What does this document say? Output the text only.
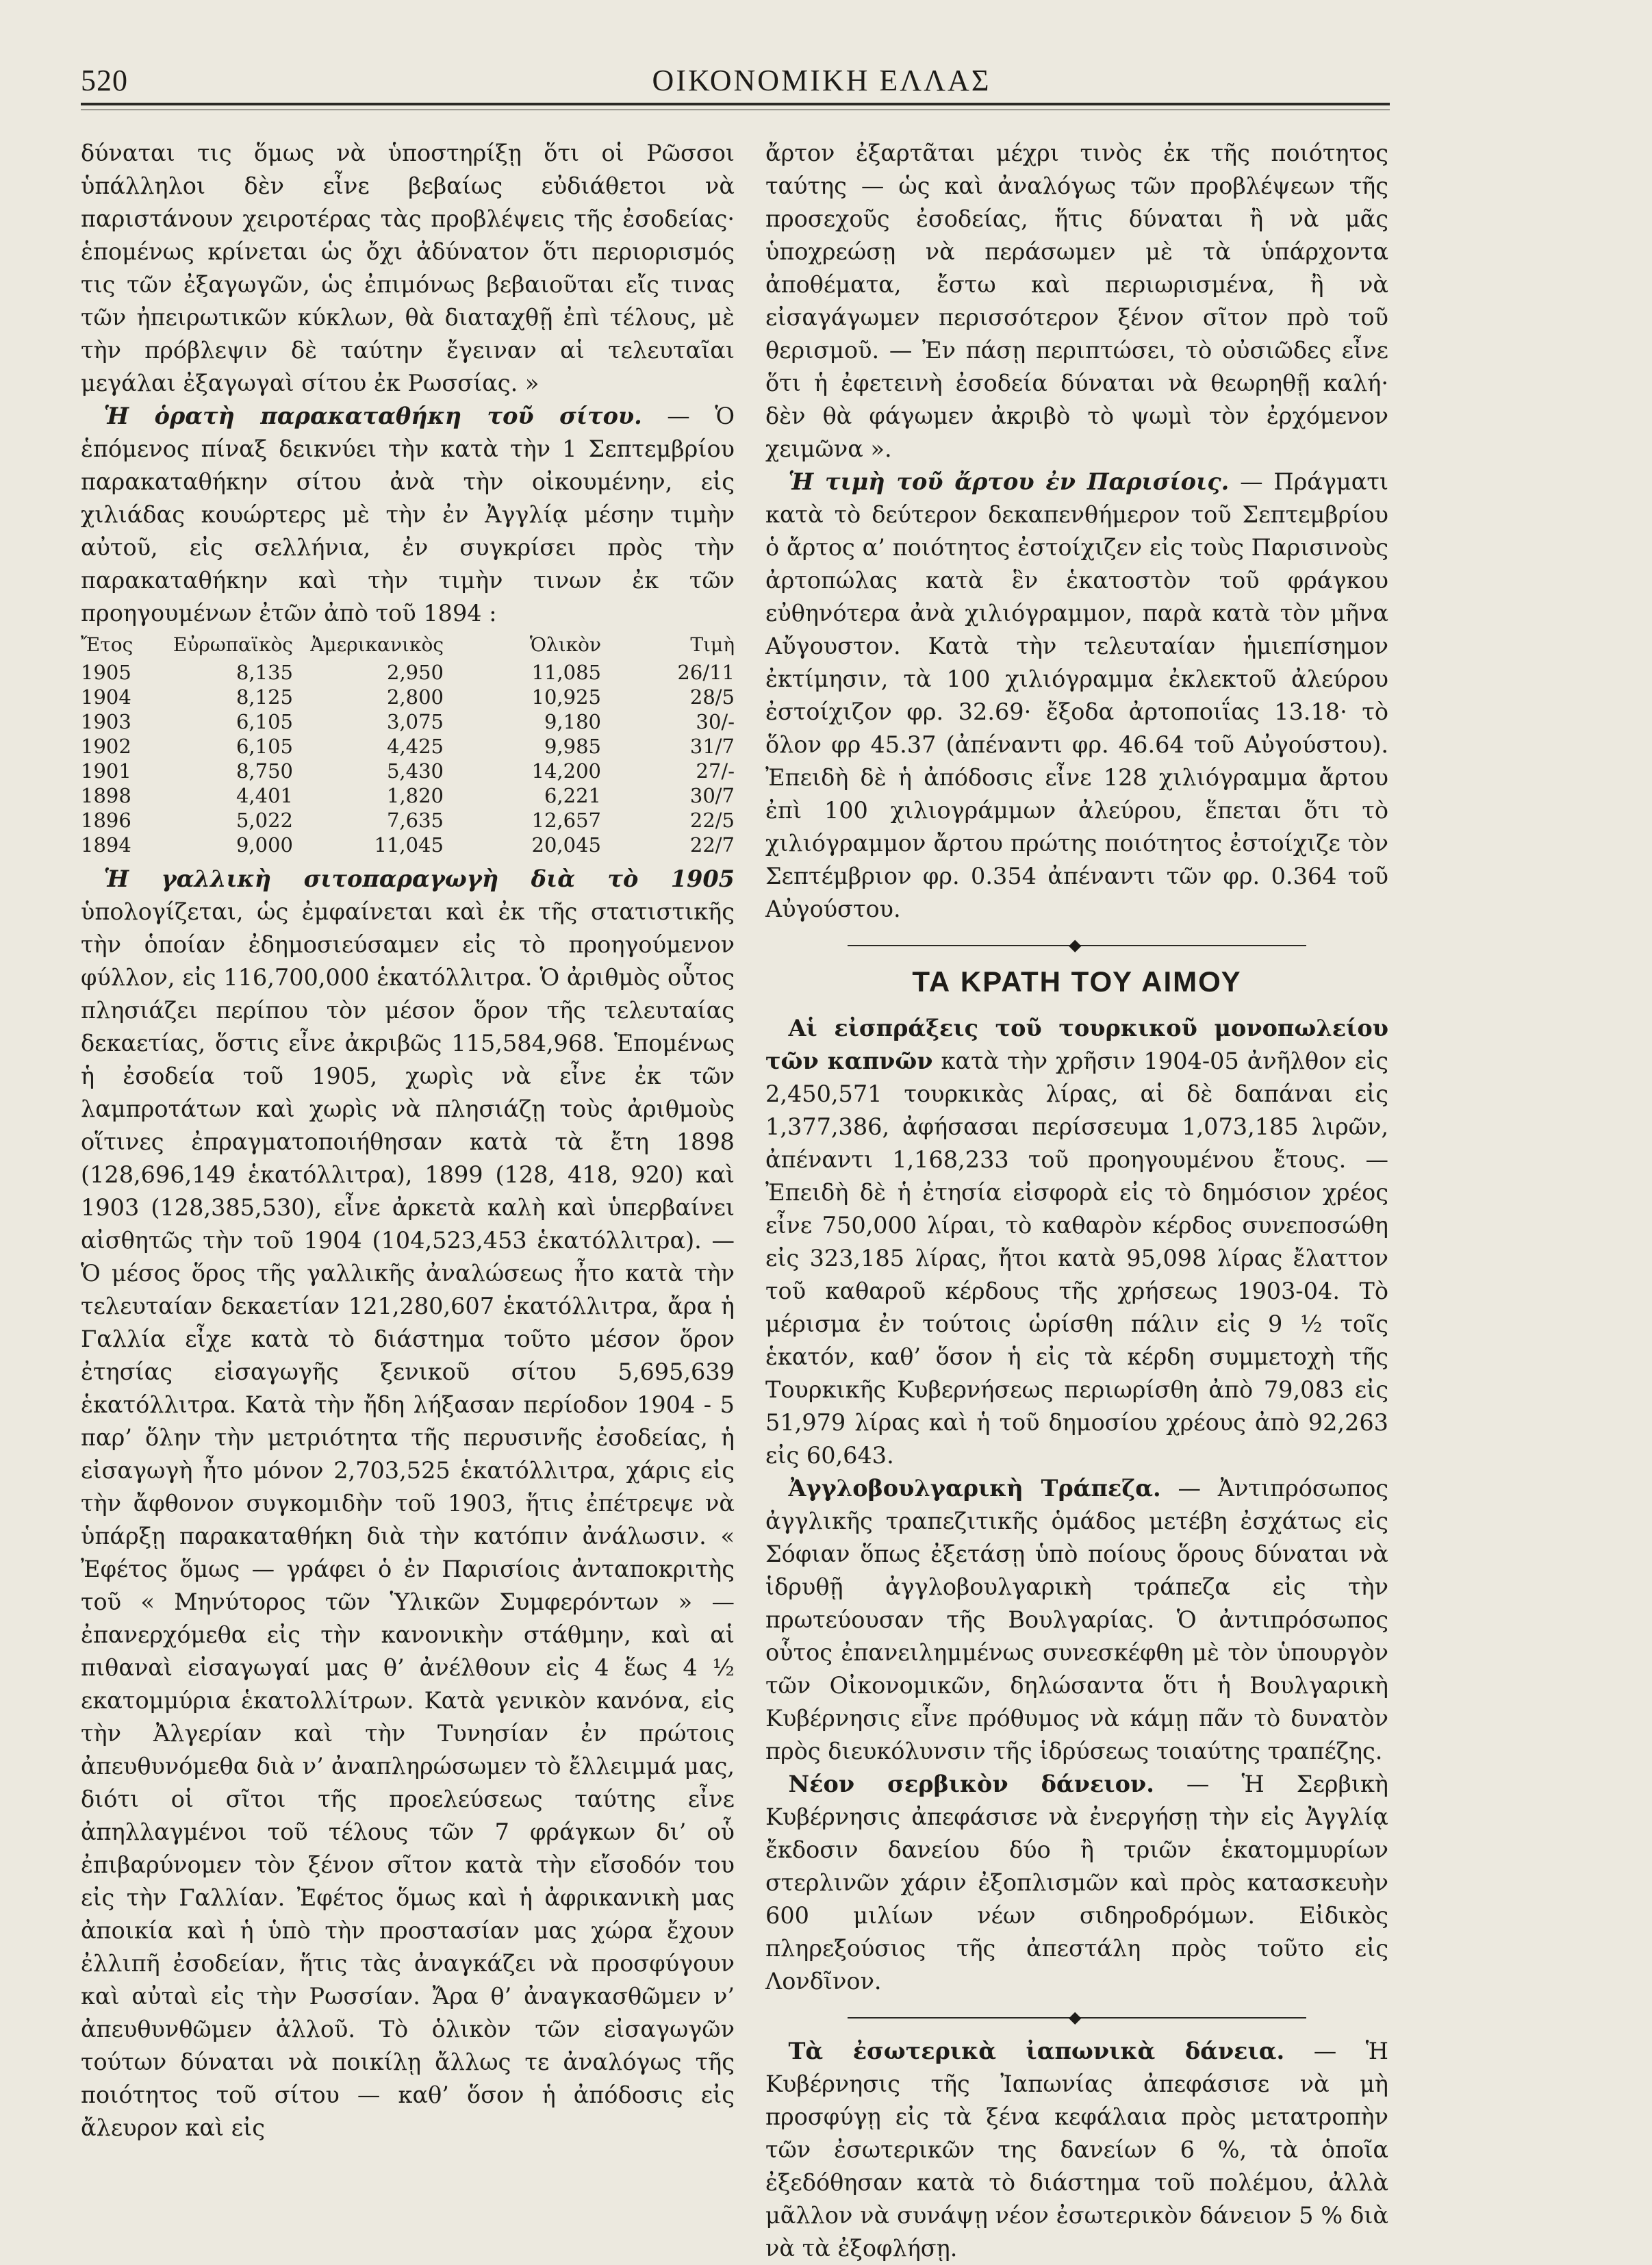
520	ΟΙΚΟΝΟΜΙΚΗ ΕΛΛΑΣ

δύναται τις ὅμως νὰ ὑποστηρίξῃ ὅτι οἱ Ρῶσσοι ὑπάλληλοι δὲν εἶνε βεβαίως εὐδιάθετοι νὰ παριστάνουν χειροτέρας τὰς προβλέψεις τῆς ἐσοδείας· ἑπομένως κρίνεται ὡς ὄχι ἀδύνατον ὅτι περιορισμός τις τῶν ἐξαγωγῶν, ὡς ἐπιμόνως βεβαιοῦται εἴς τινας τῶν ἠπειρωτικῶν κύκλων, θὰ διαταχθῇ ἐπὶ τέλους, μὲ τὴν πρόβλεψιν δὲ ταύτην ἔγειναν αἱ τελευταῖαι μεγάλαι ἐξαγωγαὶ σίτου ἐκ Ρωσσίας. »

 Ἡ ὁρατὴ παρακαταθήκη τοῦ σίτου. — Ὁ ἑπόμενος πίναξ δεικνύει τὴν κατὰ τὴν 1 Σεπτεμβρίου παρακαταθήκην σίτου ἀνὰ τὴν οἰκουμένην, εἰς χιλιάδας κουώρτερς μὲ τὴν ἐν Ἀγγλίᾳ μέσην τιμὴν αὐτοῦ, εἰς σελλήνια, ἐν συγκρίσει πρὸς τὴν παρακαταθήκην καὶ τὴν τιμὴν τινων ἐκ τῶν προηγουμένων ἐτῶν ἀπὸ τοῦ 1894 :

Ἔτος	Εὐρωπαϊκὸς	Ἀμερικανικὸς	Ὁλικὸν	Τιμὴ
1905	8,135	2,950	11,085	26/11
1904	8,125	2,800	10,925	28/5
1903	6,105	3,075	9,180	30/-
1902	6,105	4,425	9,985	31/7
1901	8,750	5,430	14,200	27/-
1898	4,401	1,820	6,221	30/7
1896	5,022	7,635	12,657	22/5
1894	9,000	11,045	20,045	22/7

 Ἡ γαλλικὴ σιτοπαραγωγὴ διὰ τὸ 1905 ὑπολογίζεται, ὡς ἐμφαίνεται καὶ ἐκ τῆς στατιστικῆς τὴν ὁποίαν ἐδημοσιεύσαμεν εἰς τὸ προηγούμενον φύλλον, εἰς 116,700,000 ἑκατόλλιτρα. Ὁ ἀριθμὸς οὗτος πλησιάζει περίπου τὸν μέσον ὅρον τῆς τελευταίας δεκαετίας, ὅστις εἶνε ἀκριβῶς 115,584,968. Ἑπομένως ἡ ἐσοδεία τοῦ 1905, χωρὶς νὰ εἶνε ἐκ τῶν λαμπροτάτων καὶ χωρὶς νὰ πλησιάζῃ τοὺς ἀριθμοὺς οἵτινες ἐπραγματοποιήθησαν κατὰ τὰ ἔτη 1898 (128,696,149 ἑκατόλλιτρα), 1899 (128, 418, 920) καὶ 1903 (128,385,530), εἶνε ἀρκετὰ καλὴ καὶ ὑπερβαίνει αἰσθητῶς τὴν τοῦ 1904 (104,523,453 ἑκατόλλιτρα). — Ὁ μέσος ὅρος τῆς γαλλικῆς ἀναλώσεως ἦτο κατὰ τὴν τελευταίαν δεκαετίαν 121,280,607 ἑκατόλλιτρα, ἄρα ἡ Γαλλία εἶχε κατὰ τὸ διάστημα τοῦτο μέσον ὅρον ἐτησίας εἰσαγωγῆς ξενικοῦ σίτου 5,695,639 ἑκατόλλιτρα. Κατὰ τὴν ἤδη λήξασαν περίοδον 1904 - 5 παρ’ ὅλην τὴν μετριότητα τῆς περυσινῆς ἐσοδείας, ἡ εἰσαγωγὴ ἦτο μόνον 2,703,525 ἑκατόλλιτρα, χάρις εἰς τὴν ἄφθονον συγκομιδὴν τοῦ 1903, ἥτις ἐπέτρεψε νὰ ὑπάρξῃ παρακαταθήκη διὰ τὴν κατόπιν ἀνάλωσιν. « Ἐφέτος ὅμως — γράφει ὁ ἐν Παρισίοις ἀνταποκριτὴς τοῦ « Μηνύτορος τῶν Ὑλικῶν Συμφερόντων » — ἐπανερχόμεθα εἰς τὴν κανονικὴν στάθμην, καὶ αἱ πιθαναὶ εἰσαγωγαί μας θ’ ἀνέλθουν εἰς 4 ἕως 4 ½ εκατομμύρια ἑκατολλίτρων. Κατὰ γενικὸν κανόνα, εἰς τὴν Ἀλγερίαν καὶ τὴν Τυνησίαν ἐν πρώτοις ἀπευθυνόμεθα διὰ ν’ ἀναπληρώσωμεν τὸ ἔλλειμμά μας, διότι οἱ σῖτοι τῆς προελεύσεως ταύτης εἶνε ἀπηλλαγμένοι τοῦ τέλους τῶν 7 φράγκων δι’ οὗ ἐπιβαρύνομεν τὸν ξένον σῖτον κατὰ τὴν εἴσοδόν του εἰς τὴν Γαλλίαν. Ἐφέτος ὅμως καὶ ἡ ἀφρικανικὴ μας ἀποικία καὶ ἡ ὑπὸ τὴν προστασίαν μας χώρα ἔχουν ἐλλιπῆ ἐσοδείαν, ἥτις τὰς ἀναγκάζει νὰ προσφύγουν καὶ αὐταὶ εἰς τὴν Ρωσσίαν. Ἄρα θ’ ἀναγκασθῶμεν ν’ ἀπευθυνθῶμεν ἀλλοῦ. Τὸ ὁλικὸν τῶν εἰσαγωγῶν τούτων δύναται νὰ ποικίλῃ ἄλλως τε ἀναλόγως τῆς ποιότητος τοῦ σίτου — καθ’ ὅσον ἡ ἀπόδοσις εἰς ἄλευρον καὶ εἰς

ἄρτον ἐξαρτᾶται μέχρι τινὸς ἐκ τῆς ποιότητος ταύτης — ὡς καὶ ἀναλόγως τῶν προβλέψεων τῆς προσεχοῦς ἐσοδείας, ἥτις δύναται ἢ νὰ μᾶς ὑποχρεώσῃ νὰ περάσωμεν μὲ τὰ ὑπάρχοντα ἀποθέματα, ἔστω καὶ περιωρισμένα, ἢ νὰ εἰσαγάγωμεν περισσότερον ξένον σῖτον πρὸ τοῦ θερισμοῦ. — Ἐν πάσῃ περιπτώσει, τὸ οὐσιῶδες εἶνε ὅτι ἡ ἐφετεινὴ ἐσοδεία δύναται νὰ θεωρηθῇ καλή· δὲν θὰ φάγωμεν ἀκριβὸ τὸ ψωμὶ τὸν ἐρχόμενον χειμῶνα ».

 Ἡ τιμὴ τοῦ ἄρτου ἐν Παρισίοις. — Πράγματι κατὰ τὸ δεύτερον δεκαπενθήμερον τοῦ Σεπτεμβρίου ὁ ἄρτος α’ ποιότητος ἐστοίχιζεν εἰς τοὺς Παρισινοὺς ἀρτοπώλας κατὰ ἓν ἑκατοστὸν τοῦ φράγκου εὐθηνότερα ἀνὰ χιλιόγραμμον, παρὰ κατὰ τὸν μῆνα Αὔγουστον. Κατὰ τὴν τελευταίαν ἡμιεπίσημον ἐκτίμησιν, τὰ 100 χιλιόγραμμα ἐκλεκτοῦ ἀλεύρου ἐστοίχιζον φρ. 32.69· ἔξοδα ἀρτοποιΐας 13.18· τὸ ὅλον φρ 45.37 (ἀπέναντι φρ. 46.64 τοῦ Αὐγούστου). Ἐπειδὴ δὲ ἡ ἀπόδοσις εἶνε 128 χιλιόγραμμα ἄρτου ἐπὶ 100 χιλιογράμμων ἀλεύρου, ἕπεται ὅτι τὸ χιλιόγραμμον ἄρτου πρώτης ποιότητος ἐστοίχιζε τὸν Σεπτέμβριον φρ. 0.354 ἀπέναντι τῶν φρ. 0.364 τοῦ Αὐγούστου.

◆
ΤΑ ΚΡΑΤΗ ΤΟΥ ΑΙΜΟΥ

 Αἱ εἰσπράξεις τοῦ τουρκικοῦ μονοπωλείου τῶν καπνῶν κατὰ τὴν χρῆσιν 1904-05 ἀνῆλθον εἰς 2,450,571 τουρκικὰς λίρας, αἱ δὲ δαπάναι εἰς 1,377,386, ἀφήσασαι περίσσευμα 1,073,185 λιρῶν, ἀπέναντι 1,168,233 τοῦ προηγουμένου ἔτους. — Ἐπειδὴ δὲ ἡ ἐτησία εἰσφορὰ εἰς τὸ δημόσιον χρέος εἶνε 750,000 λίραι, τὸ καθαρὸν κέρδος συνεποσώθη εἰς 323,185 λίρας, ἤτοι κατὰ 95,098 λίρας ἔλαττον τοῦ καθαροῦ κέρδους τῆς χρήσεως 1903-04. Τὸ μέρισμα ἐν τούτοις ὡρίσθη πάλιν εἰς 9 ½ τοῖς ἑκατόν, καθ’ ὅσον ἡ εἰς τὰ κέρδη συμμετοχὴ τῆς Τουρκικῆς Κυβερνήσεως περιωρίσθη ἀπὸ 79,083 εἰς 51,979 λίρας καὶ ἡ τοῦ δημοσίου χρέους ἀπὸ 92,263 εἰς 60,643.

 Ἀγγλοβουλγαρικὴ Τράπεζα. — Ἀντιπρόσωπος ἀγγλικῆς τραπεζιτικῆς ὁμάδος μετέβη ἐσχάτως εἰς Σόφιαν ὅπως ἐξετάσῃ ὑπὸ ποίους ὅρους δύναται νὰ ἱδρυθῇ ἀγγλοβουλγαρικὴ τράπεζα εἰς τὴν πρωτεύουσαν τῆς Βουλγαρίας. Ὁ ἀντιπρόσωπος οὗτος ἐπανειλημμένως συνεσκέφθη μὲ τὸν ὑπουργὸν τῶν Οἰκονομικῶν, δηλώσαντα ὅτι ἡ Βουλγαρικὴ Κυβέρνησις εἶνε πρόθυμος νὰ κάμῃ πᾶν τὸ δυνατὸν πρὸς διευκόλυνσιν τῆς ἱδρύσεως τοιαύτης τραπέζης.

 Νέον σερβικὸν δάνειον. — Ἡ Σερβικὴ Κυβέρνησις ἀπεφάσισε νὰ ἐνεργήσῃ τὴν εἰς Ἀγγλίᾳ ἔκδοσιν δανείου δύο ἢ τριῶν ἑκατομμυρίων στερλινῶν χάριν ἐξοπλισμῶν καὶ πρὸς κατασκευὴν 600 μιλίων νέων σιδηροδρόμων. Εἰδικὸς πληρεξούσιος τῆς ἀπεστάλη πρὸς τοῦτο εἰς Λονδῖνον.

◆

 Τὰ ἐσωτερικὰ ἰαπωνικὰ δάνεια. — Ἡ Κυβέρνησις τῆς Ἰαπωνίας ἀπεφάσισε νὰ μὴ προσφύγῃ εἰς τὰ ξένα κεφάλαια πρὸς μετατροπὴν τῶν ἐσωτερικῶν της δανείων 6 %, τὰ ὁποῖα ἐξεδόθησαν κατὰ τὸ διάστημα τοῦ πολέμου, ἀλλὰ μᾶλλον νὰ συνάψῃ νέον ἐσωτερικὸν δάνειον 5 % διὰ νὰ τὰ ἐξοφλήσῃ.
